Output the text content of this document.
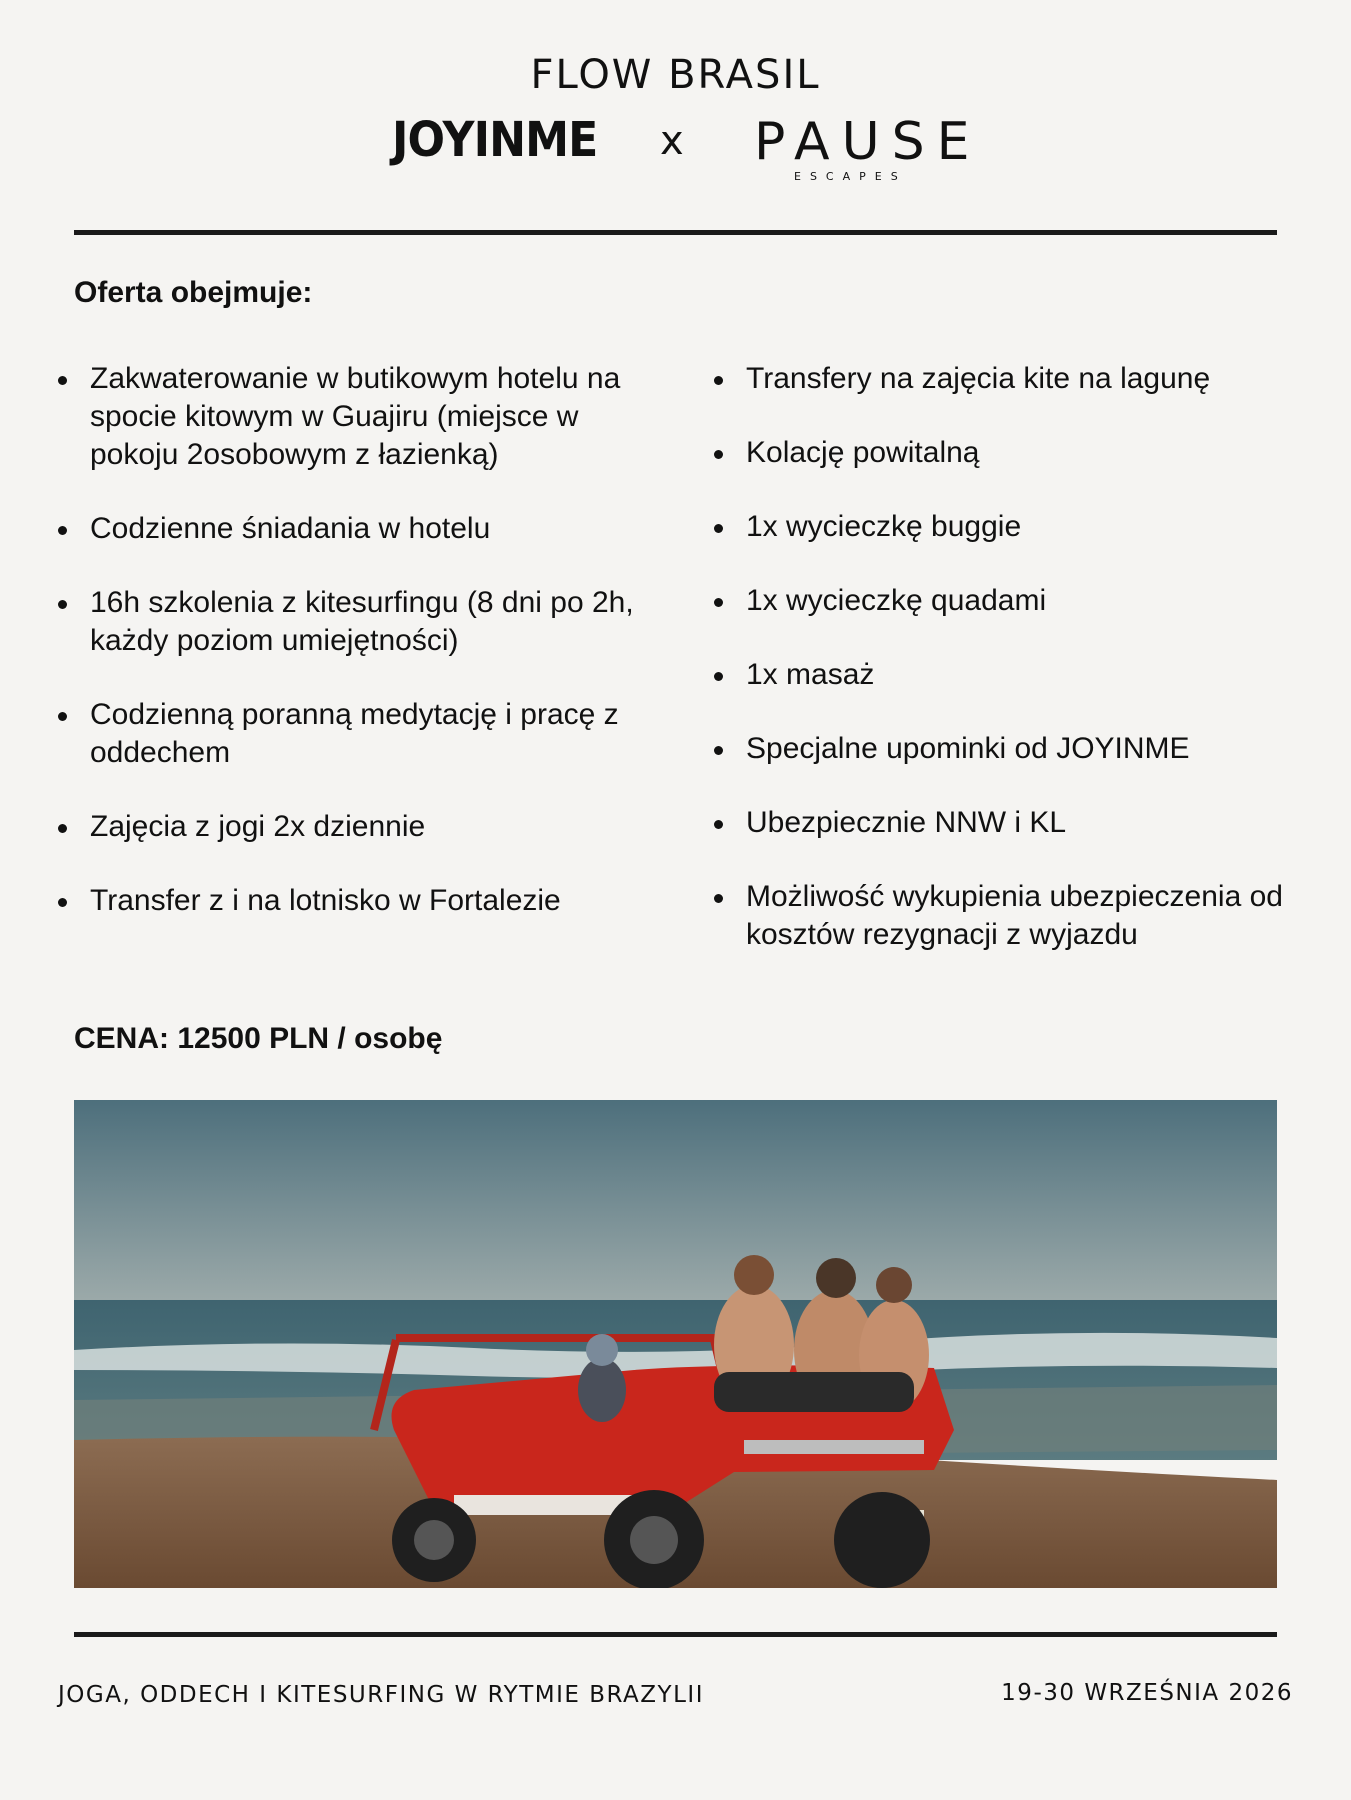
FLOW BRASIL
JOYINME x PAUSE
ESCAPES
Oferta obejmuje:
Zakwaterowanie w butikowym hotelu na spocie kitowym w Guajiru (miejsce w pokoju 2osobowym z łazienką)
Codzienne śniadania w hotelu
16h szkolenia z kitesurfingu (8 dni po 2h, każdy poziom umiejętności)
Codzienną poranną medytację i pracę z oddechem
Zajęcia z jogi 2x dziennie
Transfer z i na lotnisko w Fortalezie
Transfery na zajęcia kite na lagunę
Kolację powitalną
1x wycieczkę buggie
1x wycieczkę quadami
1x masaż
Specjalne upominki od JOYINME
Ubezpiecznie NNW i KL
Możliwość wykupienia ubezpieczenia od kosztów rezygnacji z wyjazdu
CENA: 12500 PLN / osobę
JOGA, ODDECH I KITESURFING W RYTMIE BRAZYLII	19-30 WRZEŚNIA 2026
